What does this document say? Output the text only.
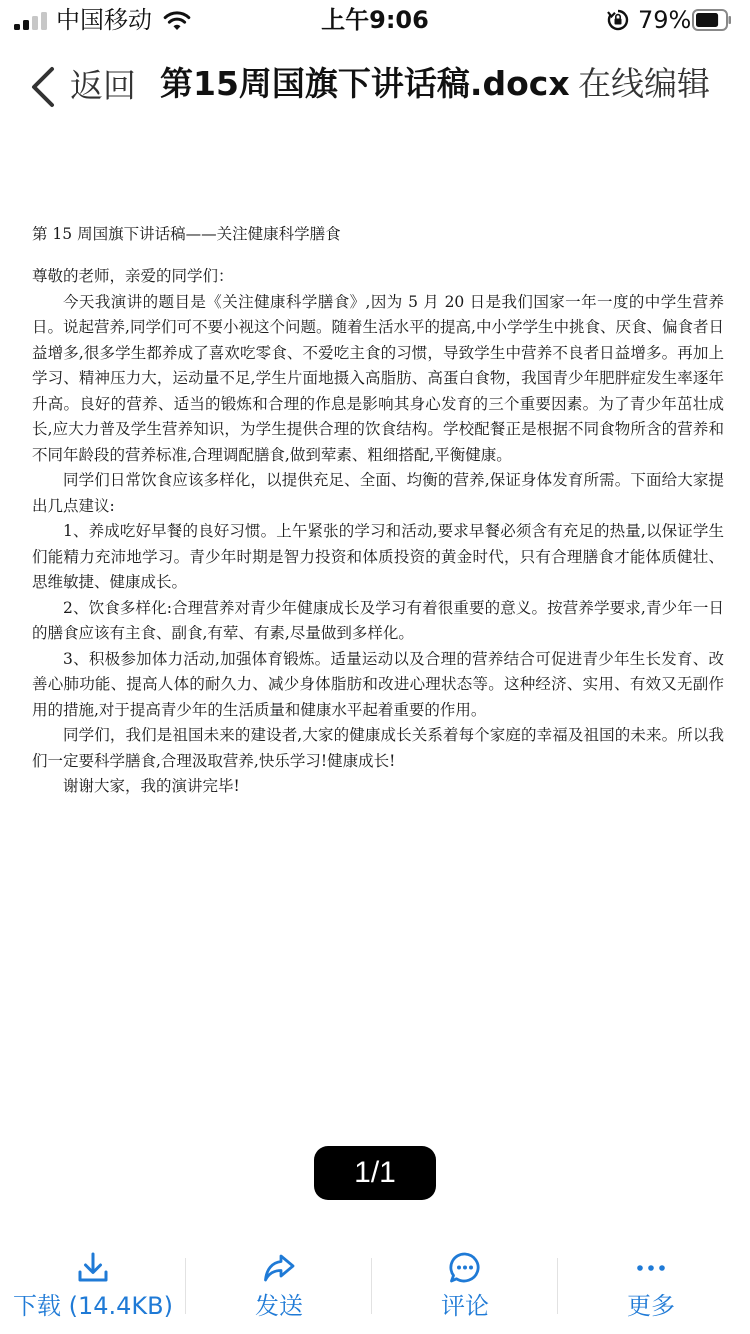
中国移动	上午9:06	79%
返回 第15周国旗下讲话稿.docx 在线编辑
第 15 周国旗下讲话稿——关注健康科学膳食

尊敬的老师，亲爱的同学们：

今天我演讲的题目是《关注健康科学膳食》,因为 5 月 20 日是我们国家一年一度的中学生营养日。说起营养,同学们可不要小视这个问题。随着生活水平的提高,中小学学生中挑食、厌食、偏食者日益增多,很多学生都养成了喜欢吃零食、不爱吃主食的习惯，导致学生中营养不良者日益增多。再加上学习、精神压力大，运动量不足,学生片面地摄入高脂肪、高蛋白食物，我国青少年肥胖症发生率逐年升高。良好的营养、适当的锻炼和合理的作息是影响其身心发育的三个重要因素。为了青少年茁壮成长,应大力普及学生营养知识，为学生提供合理的饮食结构。学校配餐正是根据不同食物所含的营养和不同年龄段的营养标准,合理调配膳食,做到荤素、粗细搭配,平衡健康。

同学们日常饮食应该多样化，以提供充足、全面、均衡的营养,保证身体发育所需。下面给大家提出几点建议:

1、养成吃好早餐的良好习惯。上午紧张的学习和活动,要求早餐必须含有充足的热量,以保证学生们能精力充沛地学习。青少年时期是智力投资和体质投资的黄金时代，只有合理膳食才能体质健壮、思维敏捷、健康成长。

2、饮食多样化:合理营养对青少年健康成长及学习有着很重要的意义。按营养学要求,青少年一日的膳食应该有主食、副食,有荤、有素,尽量做到多样化。

3、积极参加体力活动,加强体育锻炼。适量运动以及合理的营养结合可促进青少年生长发育、改善心肺功能、提高人体的耐久力、减少身体脂肪和改进心理状态等。这种经济、实用、有效又无副作用的措施,对于提高青少年的生活质量和健康水平起着重要的作用。

同学们，我们是祖国未来的建设者,大家的健康成长关系着每个家庭的幸福及祖国的未来。所以我们一定要科学膳食,合理汲取营养,快乐学习!健康成长!

谢谢大家，我的演讲完毕!

1/1
下载 (14.4KB)	发送	评论	更多
